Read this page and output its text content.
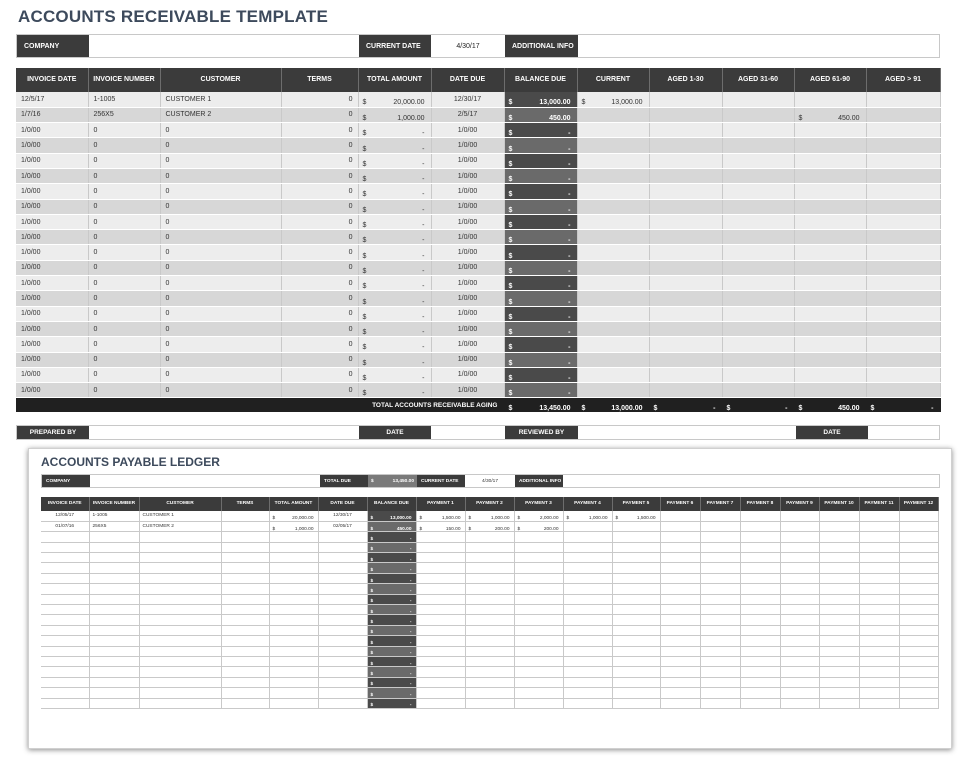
ACCOUNTS RECEIVABLE TEMPLATE
COMPANY	CURRENT DATE	4/30/17	ADDITIONAL INFO
INVOICE DATE	INVOICE NUMBER	CUSTOMER	TERMS	TOTAL AMOUNT	DATE DUE	BALANCE DUE	CURRENT	AGED 1-30	AGED 31-60	AGED 61-90	AGED > 91
12/5/17	1-1005	CUSTOMER 1	0	$ 20,000.00	12/30/17	$ 13,000.00	$ 13,000.00				

1/7/16	256X5	CUSTOMER 2	0	$ 1,000.00	2/5/17	$ 450.00				$ 450.00	

1/0/00	0	0	0	$ -	1/0/00	$ -					

1/0/00	0	0	0	$ -	1/0/00	$ -					

1/0/00	0	0	0	$ -	1/0/00	$ -					

1/0/00	0	0	0	$ -	1/0/00	$ -					

1/0/00	0	0	0	$ -	1/0/00	$ -					

1/0/00	0	0	0	$ -	1/0/00	$ -					

1/0/00	0	0	0	$ -	1/0/00	$ -					

1/0/00	0	0	0	$ -	1/0/00	$ -					

1/0/00	0	0	0	$ -	1/0/00	$ -					

1/0/00	0	0	0	$ -	1/0/00	$ -					

1/0/00	0	0	0	$ -	1/0/00	$ -					

1/0/00	0	0	0	$ -	1/0/00	$ -					

1/0/00	0	0	0	$ -	1/0/00	$ -					

1/0/00	0	0	0	$ -	1/0/00	$ -					

1/0/00	0	0	0	$ -	1/0/00	$ -					

1/0/00	0	0	0	$ -	1/0/00	$ -					

1/0/00	0	0	0	$ -	1/0/00	$ -					

1/0/00	0	0	0	$ -	1/0/00	$ -					

TOTAL ACCOUNTS RECEIVABLE AGING						$ 13,450.00	$ 13,000.00	$ -	$ -	$ 450.00	$ -
PREPARED BY	DATE	REVIEWED BY	DATE
ACCOUNTS PAYABLE LEDGER
COMPANY	TOTAL DUE	$	13,450.00	CURRENT DATE	4/30/17	ADDITIONAL INFO
INVOICE DATE	INVOICE NUMBER	CUSTOMER	TERMS	TOTAL AMOUNT	DATE DUE	BALANCE DUE	PAYMENT 1	PAYMENT 2	PAYMENT 3	PAYMENT 4	PAYMENT 5	PAYMENT 6	PAYMENT 7	PAYMENT 8	PAYMENT 9	PAYMENT 10	PAYMENT 11	PAYMENT 12
12/05/17	1-1005	CUSTOMER 1		$ 20,000.00	12/30/17	$ 13,000.00	$ 1,500.00	$ 1,000.00	$ 2,000.00	$ 1,000.00	$ 1,500.00							

01/07/16	256X5	CUSTOMER 2		$ 1,000.00	02/05/17	$ 450.00	$ 150.00	$ 200.00	$ 200.00									

						$ -												

						$ -												

						$ -												

						$ -												

						$ -												

						$ -												

						$ -												

						$ -												

						$ -												

						$ -												

						$ -												

						$ -												

						$ -												

						$ -												

						$ -												

						$ -												

						$ -												
